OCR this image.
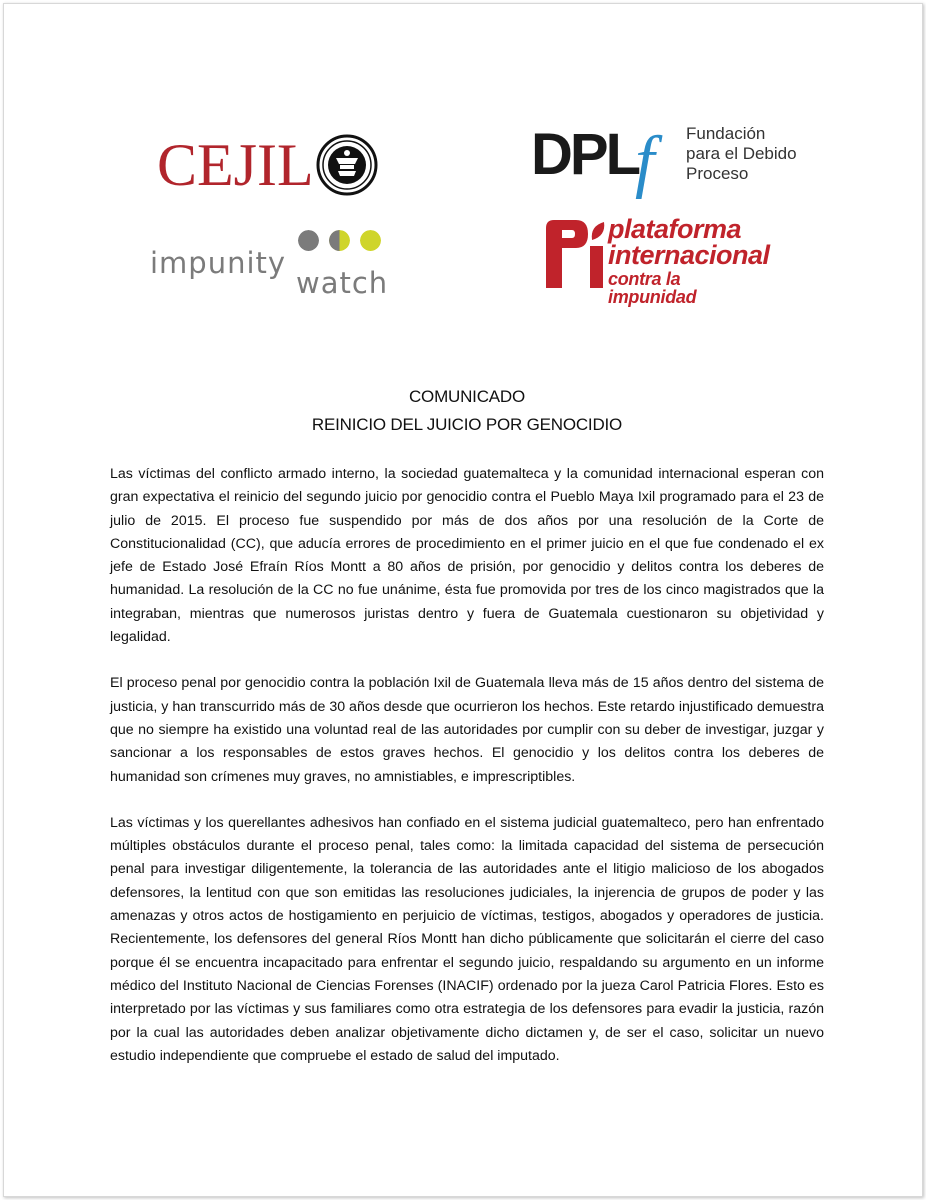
CEJIL	DPL
f	Fundación
para el Debido
Proceso
impunity
watch
plataforma
internacional
contra la impunidad
COMUNICADO
REINICIO DEL JUICIO POR GENOCIDIO

Las víctimas del conflicto armado interno, la sociedad guatemalteca y la comunidad internacional esperan con gran expectativa el reinicio del segundo juicio por genocidio contra el Pueblo Maya Ixil programado para el 23 de julio de 2015. El proceso fue suspendido por más de dos años por una resolución de la Corte de Constitucionalidad (CC), que aducía errores de procedimiento en el primer juicio en el que fue condenado el ex jefe de Estado José Efraín Ríos Montt a 80 años de prisión, por genocidio y delitos contra los deberes de humanidad. La resolución de la CC no fue unánime, ésta fue promovida por tres de los cinco magistrados que la integraban, mientras que numerosos juristas dentro y fuera de Guatemala cuestionaron su objetividad y legalidad.

El proceso penal por genocidio contra la población Ixil de Guatemala lleva más de 15 años dentro del sistema de justicia, y han transcurrido más de 30 años desde que ocurrieron los hechos. Este retardo injustificado demuestra que no siempre ha existido una voluntad real de las autoridades por cumplir con su deber de investigar, juzgar y sancionar a los responsables de estos graves hechos. El genocidio y los delitos contra los deberes de humanidad son crímenes muy graves, no amnistiables, e imprescriptibles.

Las víctimas y los querellantes adhesivos han confiado en el sistema judicial guatemalteco, pero han enfrentado múltiples obstáculos durante el proceso penal, tales como: la limitada capacidad del sistema de persecución penal para investigar diligentemente, la tolerancia de las autoridades ante el litigio malicioso de los abogados defensores, la lentitud con que son emitidas las resoluciones judiciales, la injerencia de grupos de poder y las amenazas y otros actos de hostigamiento en perjuicio de víctimas, testigos, abogados y operadores de justicia. Recientemente, los defensores del general Ríos Montt han dicho públicamente que solicitarán el cierre del caso porque él se encuentra incapacitado para enfrentar el segundo juicio, respaldando su argumento en un informe médico del Instituto Nacional de Ciencias Forenses (INACIF) ordenado por la jueza Carol Patricia Flores. Esto es interpretado por las víctimas y sus familiares como otra estrategia de los defensores para evadir la justicia, razón por la cual las autoridades deben analizar objetivamente dicho dictamen y, de ser el caso, solicitar un nuevo estudio independiente que compruebe el estado de salud del imputado.
